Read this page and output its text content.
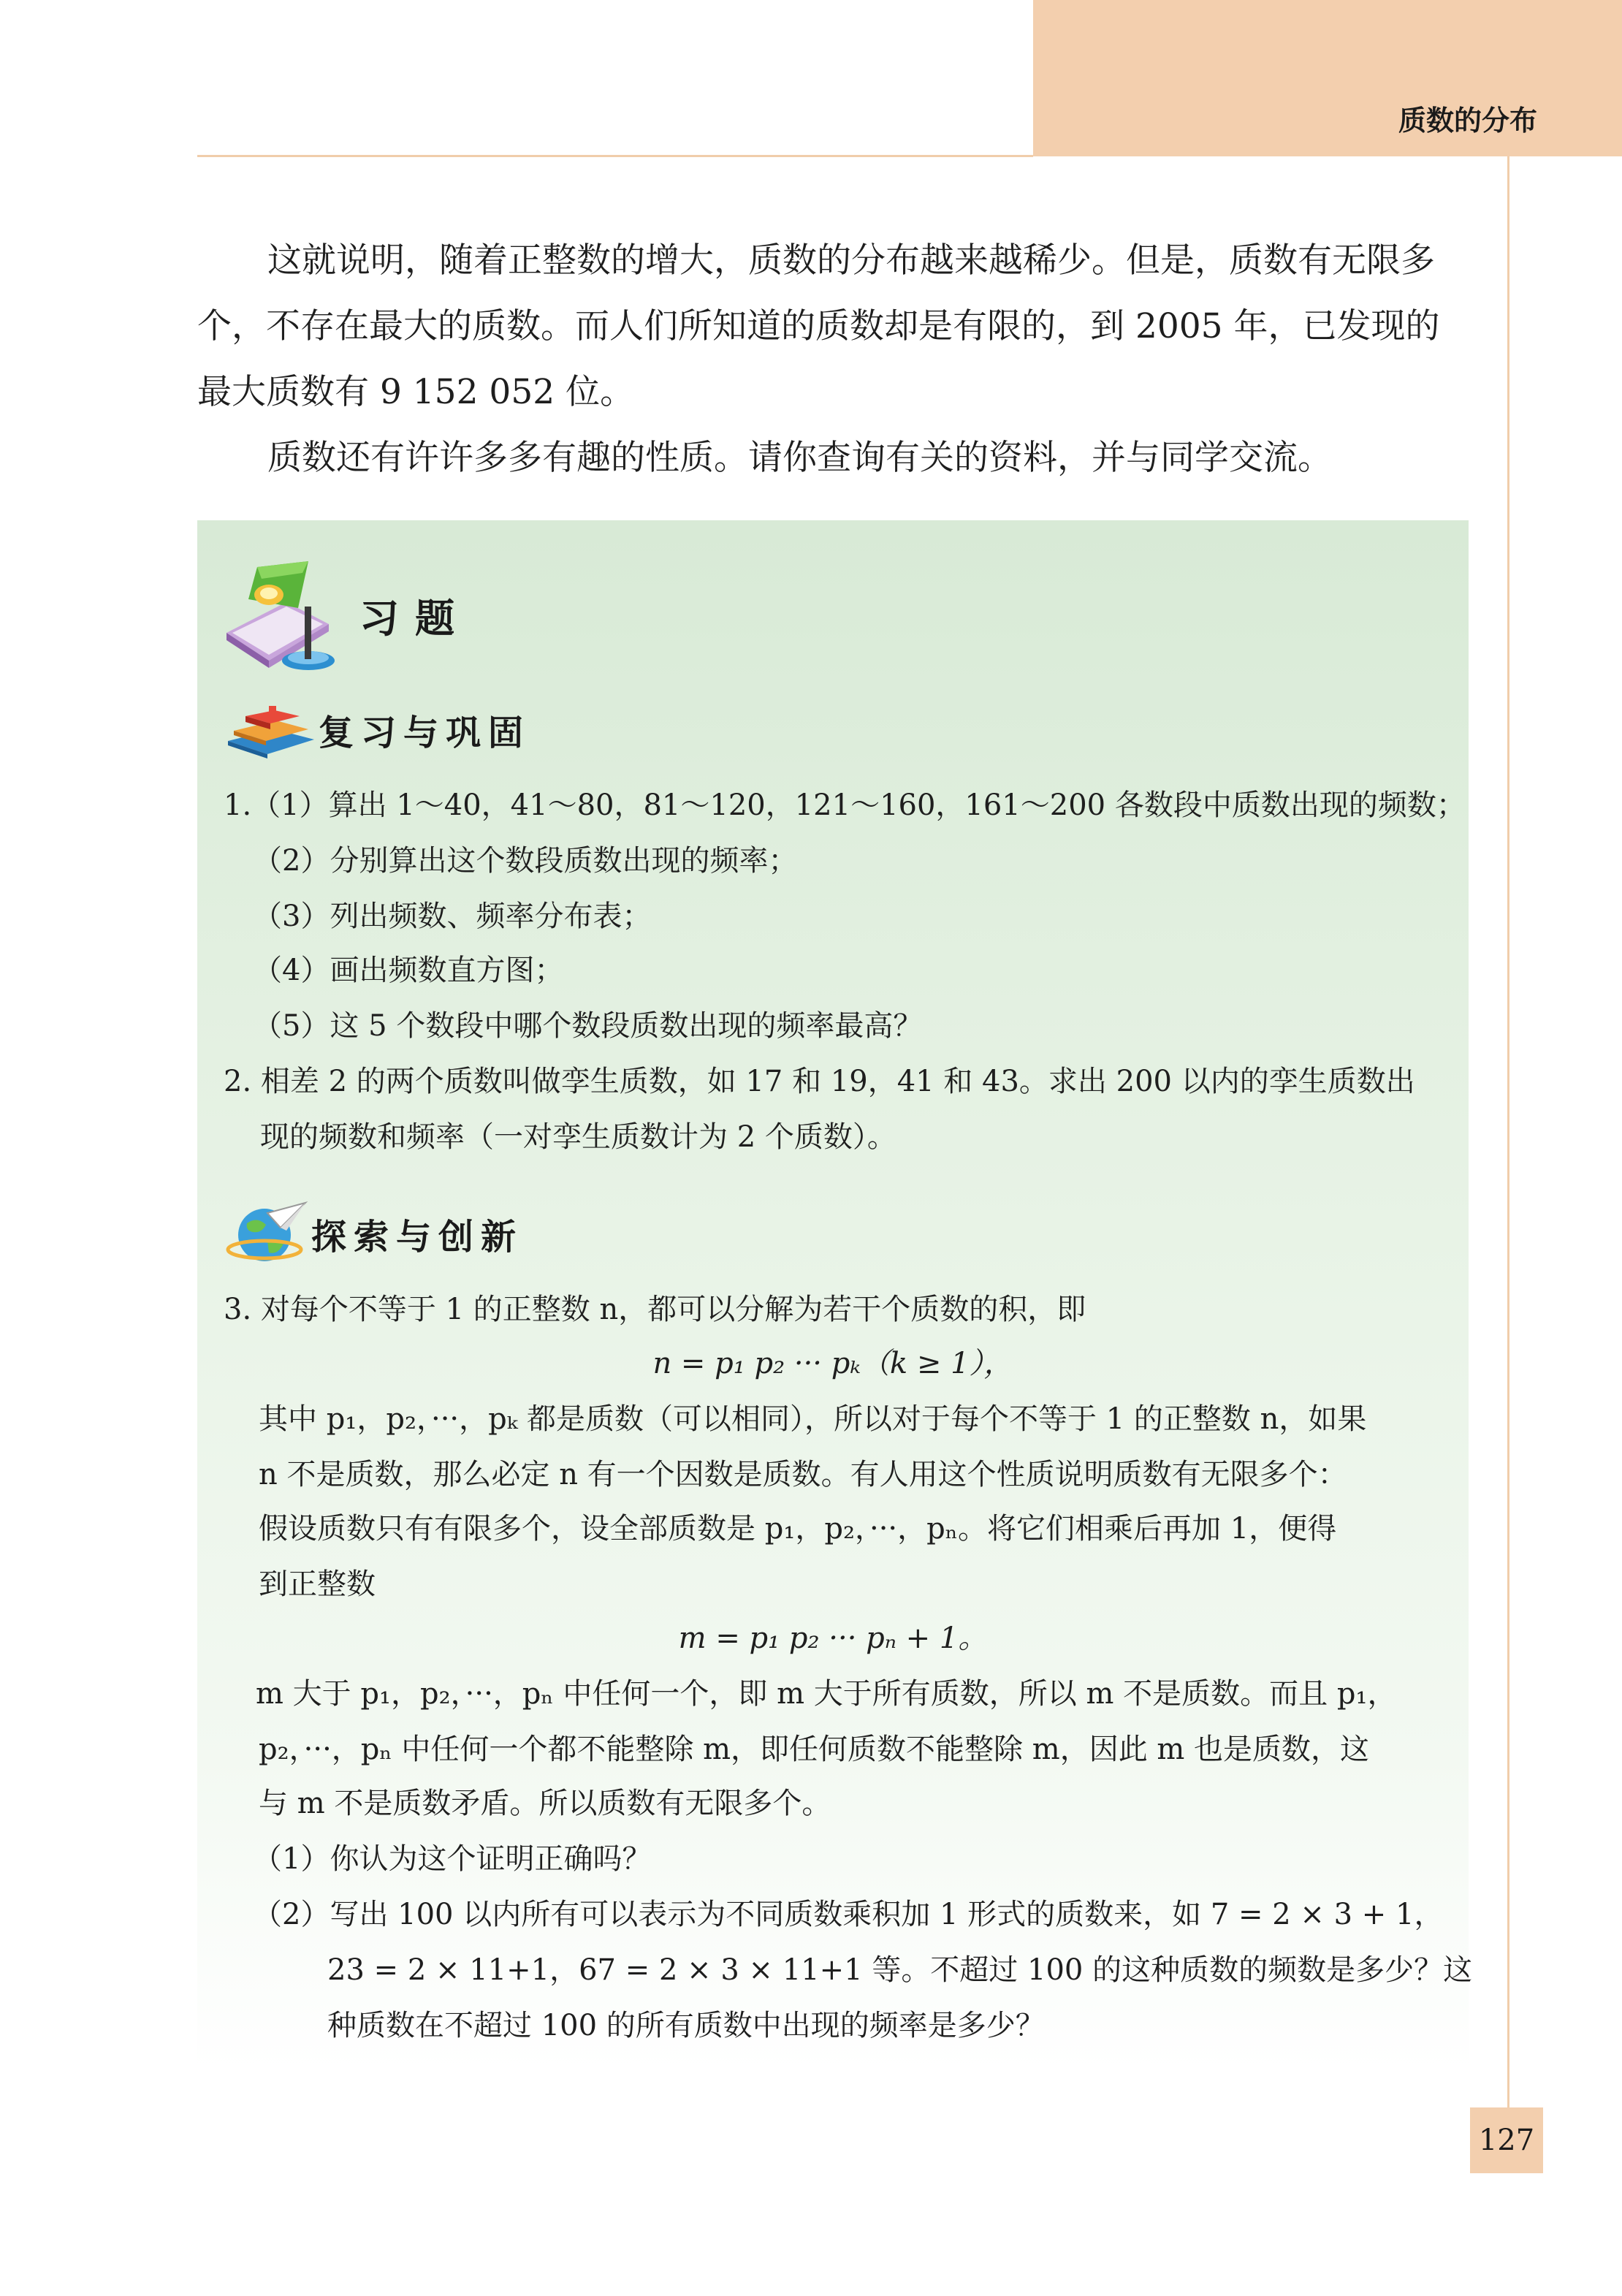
质数的分布

这就说明，随着正整数的增大，质数的分布越来越稀少。但是，质数有无限多个，不存在最大的质数。而人们所知道的质数却是有限的，到 2005 年，已发现的最大质数有 9 152 052 位。

质数还有许许多多有趣的性质。请你查询有关的资料，并与同学交流。

习题
复习与巩固
1.（1）算出 1～40，41～80，81～120，121～160，161～200 各数段中质数出现的频数；
（2）分别算出这个数段质数出现的频率；
（3）列出频数、频率分布表；
（4）画出频数直方图；
（5）这 5 个数段中哪个数段质数出现的频率最高？
2. 相差 2 的两个质数叫做孪生质数，如 17 和 19，41 和 43。求出 200 以内的孪生质数出
现的频数和频率（一对孪生质数计为 2 个质数）。
探索与创新
3. 对每个不等于 1 的正整数 n，都可以分解为若干个质数的积，即
n = p₁ p₂ ··· pₖ（k ≥ 1），
其中 p₁，p₂，···，pₖ 都是质数（可以相同），所以对于每个不等于 1 的正整数 n，如果
n 不是质数，那么必定 n 有一个因数是质数。有人用这个性质说明质数有无限多个：
假设质数只有有限多个，设全部质数是 p₁，p₂，···，pₙ。将它们相乘后再加 1，便得
到正整数
m = p₁ p₂ ··· pₙ + 1。
m 大于 p₁，p₂，···，pₙ 中任何一个，即 m 大于所有质数，所以 m 不是质数。而且 p₁，
p₂，···，pₙ 中任何一个都不能整除 m，即任何质数不能整除 m，因此 m 也是质数，这
与 m 不是质数矛盾。所以质数有无限多个。
（1）你认为这个证明正确吗？
（2）写出 100 以内所有可以表示为不同质数乘积加 1 形式的质数来，如 7 = 2 × 3 + 1，
23 = 2 × 11+1，67 = 2 × 3 × 11+1 等。不超过 100 的这种质数的频数是多少？这
种质数在不超过 100 的所有质数中出现的频率是多少？
127
